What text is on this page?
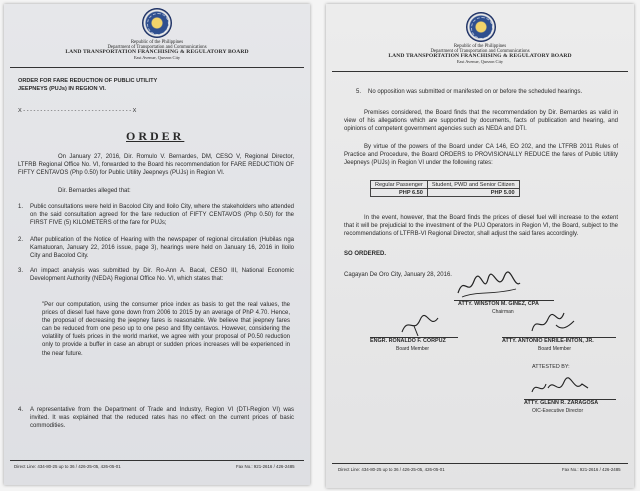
Republic of the Philippines
Department of Transportation and Communications
LAND TRANSPORTATION FRANCHISING & REGULATORY BOARD
East Avenue, Quezon City
ORDER FOR FARE REDUCTION OF PUBLIC UTILITY JEEPNEYS (PUJs) IN REGION VI.
X - - - - - - - - - - - - - - - - - - - - - - - - - - - - - - - - X
ORDER
On January 27, 2016, Dir. Romulo V. Bernardes, DM, CESO V, Regional Director, LTFRB Regional Office No. VI, forwarded to the Board his recommendation for FARE REDUCTION OF FIFTY CENTAVOS (Php 0.50) for Public Utility Jeepneys (PUJs) in Region VI.
Dir. Bernardes alleged that:
1.	Public consultations were held in Bacolod City and Iloilo City, where the stakeholders who attended on the said consultation agreed for the fare reduction of FIFTY CENTAVOS (Php 0.50) for the FIRST FIVE (5) KILOMETERS of the fare for PUJs;
2.	After publication of the Notice of Hearing with the newspaper of regional circulation (Hubilas nga Kamatuoran, January 22, 2016 issue, page 3), hearings were held on January 16, 2016 in Iloilo City and Bacolod City.
3.	An impact analysis was submitted by Dir. Ro-Ann A. Bacal, CESO III, National Economic Development Authority (NEDA) Regional Office No. VI, which states that:
"Per our computation, using the consumer price index as basis to get the real values, the prices of diesel fuel have gone down from 2006 to 2015 by an average of PhP 4.70. Hence, the proposal of decreasing the jeepney fares is reasonable. We believe that jeepney fares can be reduced from one peso up to one peso and fifty centavos. However, considering the volatility of fuels prices in the world market, we agree with your proposal of P0.50 reduction only to provide a buffer in case an abrupt or sudden prices increases will be experienced in the near future.
4.	A representative from the Department of Trade and Industry, Region VI (DTI-Region VI) was invited. It was explained that the reduced rates has no effect on the current prices of basic commodities.
Direct Line: 434-80-25 up to 36 / 426-25-05, 426-05-01	Fax No.: 921-2616 / 426-2485
Republic of the Philippines
Department of Transportation and Communications
LAND TRANSPORTATION FRANCHISING & REGULATORY BOARD
East Avenue, Quezon City
5.	No opposition was submitted or manifested on or before the scheduled hearings.
Premises considered, the Board finds that the recommendation by Dir. Bernardes as valid in view of his allegations which are supported by documents, facts of publication and hearing, and opinions of competent government agencies such as NEDA and DTI.
By virtue of the powers of the Board under CA 146, EO 202, and the LTFRB 2011 Rules of Practice and Procedure, the Board ORDERS to PROVISIONALLY REDUCE the fares of Public Utility Jeepneys (PUJs) in Region VI under the following rates:
Regular Passenger	Student, PWD and Senior Citizen
PHP 6.50	PHP 5.00
In the event, however, that the Board finds the prices of diesel fuel will increase to the extent that it will be prejudicial to the investment of the PUJ Operators in Region VI, the Board, subject to the recommendations of LTFRB-VI Regional Director, shall adjust the said fares accordingly.
SO ORDERED.
Cagayan De Oro City, January 28, 2016.
ATTY. WINSTON M. GINEZ, CPA
Chairman
ENGR. RONALDO F. CORPUZ
Board Member
ATTY. ANTONIO ENRILE-INTON, JR.
Board Member
ATTESTED BY:
ATTY. GLENN R. ZARAGOSA
OIC-Executive Director
Direct Line: 434-80-25 up to 36 / 426-25-05, 426-05-01	Fax No.: 921-2616 / 426-2485
